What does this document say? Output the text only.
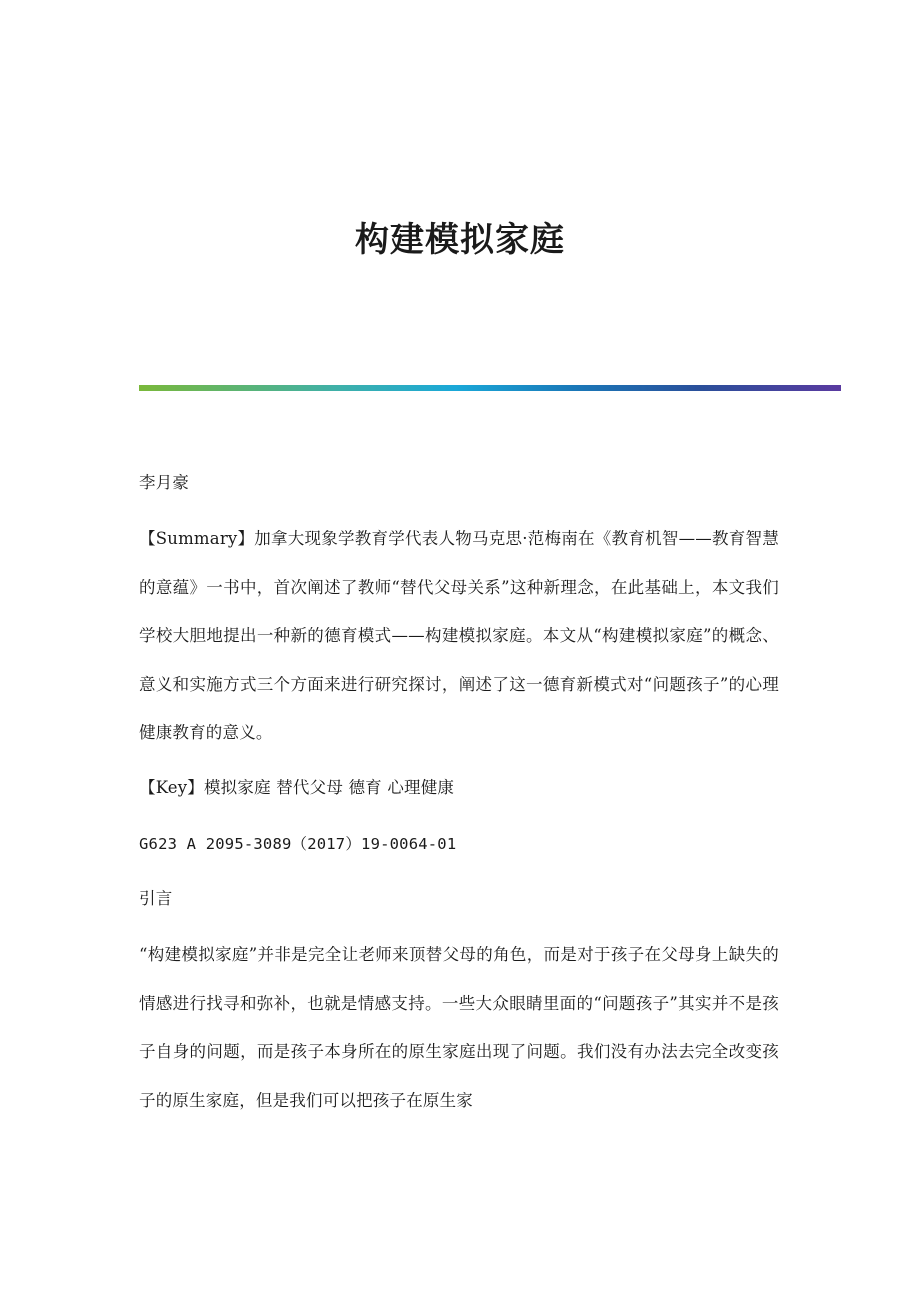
构建模拟家庭

李月豪

【Summary】加拿大现象学教育学代表人物马克思·范梅南在《教育机智——教育智慧的意蕴》一书中，首次阐述了教师“替代父母关系”这种新理念，在此基础上，本文我们学校大胆地提出一种新的德育模式——构建模拟家庭。本文从“构建模拟家庭”的概念、意义和实施方式三个方面来进行研究探讨，阐述了这一德育新模式对“问题孩子”的心理健康教育的意义。

【Key】模拟家庭 替代父母 德育 心理健康

G623 A 2095-3089（2017）19-0064-01

引言

“构建模拟家庭”并非是完全让老师来顶替父母的角色，而是对于孩子在父母身上缺失的情感进行找寻和弥补，也就是情感支持。一些大众眼睛里面的“问题孩子”其实并不是孩子自身的问题，而是孩子本身所在的原生家庭出现了问题。我们没有办法去完全改变孩子的原生家庭，但是我们可以把孩子在原生家
